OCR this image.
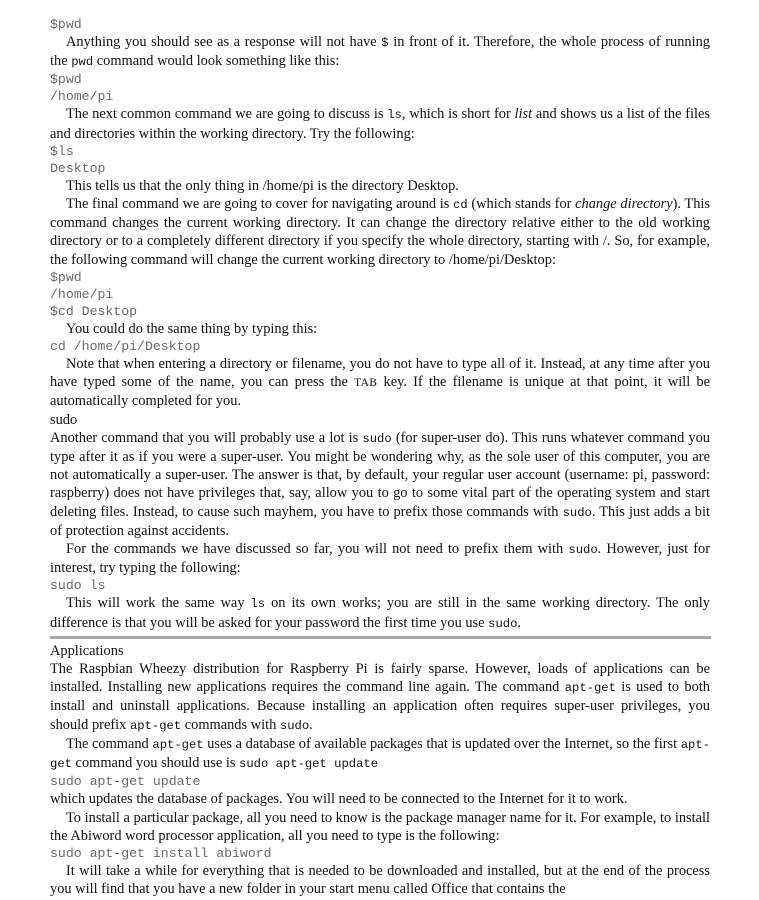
$pwd

Anything you should see as a response will not have $ in front of it. Therefore, the whole process of running the pwd command would look something like this:

$pwd
/home/pi

The next common command we are going to discuss is ls, which is short for list and shows us a list of the files and directories within the working directory. Try the following:

$ls
Desktop

This tells us that the only thing in /home/pi is the directory Desktop.

The final command we are going to cover for navigating around is cd (which stands for change directory). This command changes the current working directory. It can change the directory relative either to the old working directory or to a completely different directory if you specify the whole directory, starting with /. So, for example, the following command will change the current working directory to /home/pi/Desktop:

$pwd
/home/pi
$cd Desktop

You could do the same thing by typing this:

cd /home/pi/Desktop

Note that when entering a directory or filename, you do not have to type all of it. Instead, at any time after you have typed some of the name, you can press the TAB key. If the filename is unique at that point, it will be automatically completed for you.

sudo

Another command that you will probably use a lot is sudo (for super-user do). This runs whatever command you type after it as if you were a super-user. You might be wondering why, as the sole user of this computer, you are not automatically a super-user. The answer is that, by default, your regular user account (username: pi, password: raspberry) does not have privileges that, say, allow you to go to some vital part of the operating system and start deleting files. Instead, to cause such mayhem, you have to prefix those commands with sudo. This just adds a bit of protection against accidents.

For the commands we have discussed so far, you will not need to prefix them with sudo. However, just for interest, try typing the following:

sudo ls

This will work the same way ls on its own works; you are still in the same working directory. The only difference is that you will be asked for your password the first time you use sudo.

Applications

The Raspbian Wheezy distribution for Raspberry Pi is fairly sparse. However, loads of applications can be installed. Installing new applications requires the command line again. The command apt-get is used to both install and uninstall applications. Because installing an application often requires super-user privileges, you should prefix apt-get commands with sudo.

The command apt-get uses a database of available packages that is updated over the Internet, so the first apt-get command you should use is sudo apt-get update

sudo apt-get update

which updates the database of packages. You will need to be connected to the Internet for it to work.

To install a particular package, all you need to know is the package manager name for it. For example, to install the Abiword word processor application, all you need to type is the following:

sudo apt-get install abiword

It will take a while for everything that is needed to be downloaded and installed, but at the end of the process you will find that you have a new folder in your start menu called Office that contains the
